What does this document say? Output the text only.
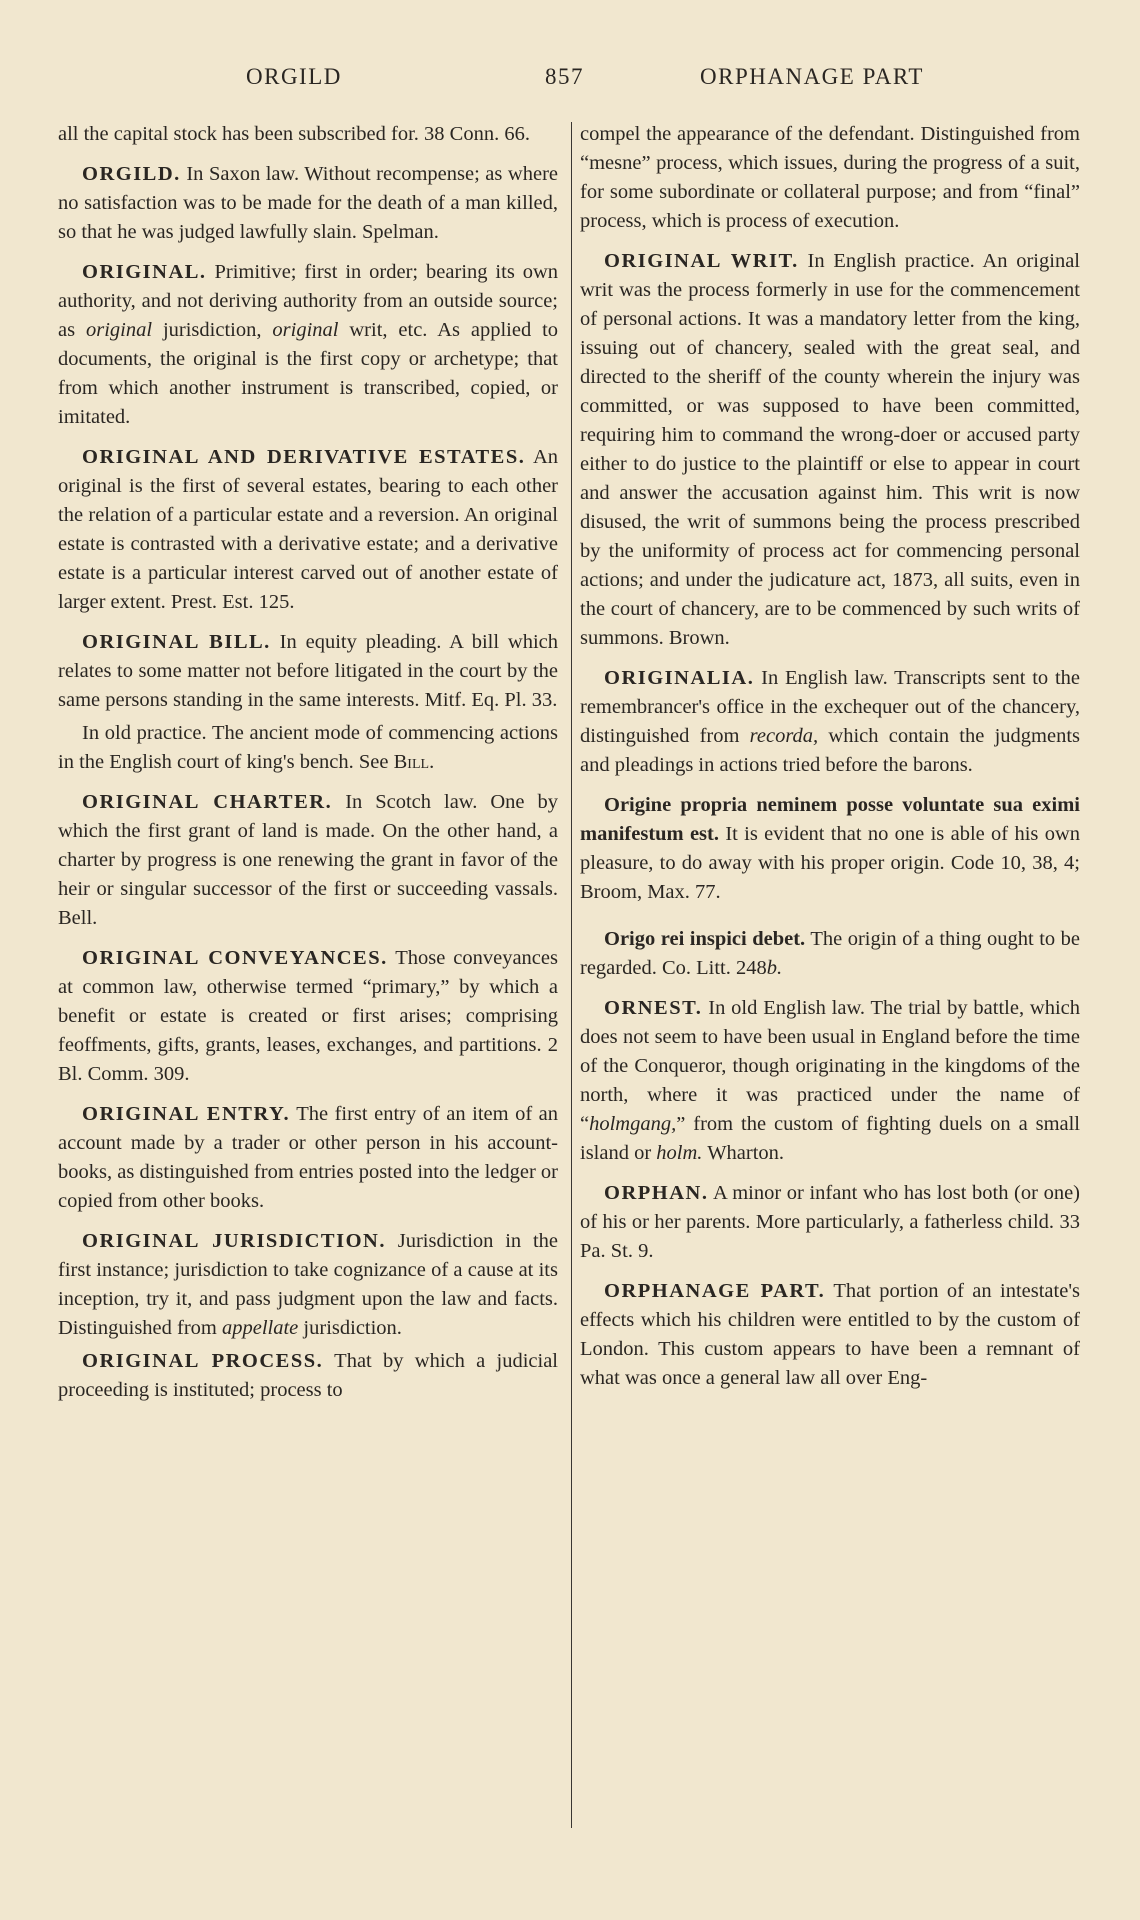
ORGILD	857	ORPHANAGE PART

all the capital stock has been subscribed for. 38 Conn. 66.

ORGILD. In Saxon law. Without recompense; as where no satisfaction was to be made for the death of a man killed, so that he was judged lawfully slain. Spelman.

ORIGINAL. Primitive; first in order; bearing its own authority, and not deriving authority from an outside source; as original jurisdiction, original writ, etc. As applied to documents, the original is the first copy or archetype; that from which another instrument is transcribed, copied, or imitated.

ORIGINAL AND DERIVATIVE ESTATES. An original is the first of several estates, bearing to each other the relation of a particular estate and a reversion. An original estate is contrasted with a derivative estate; and a derivative estate is a particular interest carved out of another estate of larger extent. Prest. Est. 125.

ORIGINAL BILL. In equity pleading. A bill which relates to some matter not before litigated in the court by the same persons standing in the same interests. Mitf. Eq. Pl. 33.

In old practice. The ancient mode of commencing actions in the English court of king's bench. See Bill.

ORIGINAL CHARTER. In Scotch law. One by which the first grant of land is made. On the other hand, a charter by progress is one renewing the grant in favor of the heir or singular successor of the first or succeeding vassals. Bell.

ORIGINAL CONVEYANCES. Those conveyances at common law, otherwise termed “primary,” by which a benefit or estate is created or first arises; comprising feoffments, gifts, grants, leases, exchanges, and partitions. 2 Bl. Comm. 309.

ORIGINAL ENTRY. The first entry of an item of an account made by a trader or other person in his account-books, as distinguished from entries posted into the ledger or copied from other books.

ORIGINAL JURISDICTION. Jurisdiction in the first instance; jurisdiction to take cognizance of a cause at its inception, try it, and pass judgment upon the law and facts. Distinguished from appellate jurisdiction.

ORIGINAL PROCESS. That by which a judicial proceeding is instituted; process to

compel the appearance of the defendant. Distinguished from “mesne” process, which issues, during the progress of a suit, for some subordinate or collateral purpose; and from “final” process, which is process of execution.

ORIGINAL WRIT. In English practice. An original writ was the process formerly in use for the commencement of personal actions. It was a mandatory letter from the king, issuing out of chancery, sealed with the great seal, and directed to the sheriff of the county wherein the injury was committed, or was supposed to have been committed, requiring him to command the wrong-doer or accused party either to do justice to the plaintiff or else to appear in court and answer the accusation against him. This writ is now disused, the writ of summons being the process prescribed by the uniformity of process act for commencing personal actions; and under the judicature act, 1873, all suits, even in the court of chancery, are to be commenced by such writs of summons. Brown.

ORIGINALIA. In English law. Transcripts sent to the remembrancer's office in the exchequer out of the chancery, distinguished from recorda, which contain the judgments and pleadings in actions tried before the barons.

Origine propria neminem posse voluntate sua eximi manifestum est. It is evident that no one is able of his own pleasure, to do away with his proper origin. Code 10, 38, 4; Broom, Max. 77.

Origo rei inspici debet. The origin of a thing ought to be regarded. Co. Litt. 248b.

ORNEST. In old English law. The trial by battle, which does not seem to have been usual in England before the time of the Conqueror, though originating in the kingdoms of the north, where it was practiced under the name of “holmgang,” from the custom of fighting duels on a small island or holm. Wharton.

ORPHAN. A minor or infant who has lost both (or one) of his or her parents. More particularly, a fatherless child. 33 Pa. St. 9.

ORPHANAGE PART. That portion of an intestate's effects which his children were entitled to by the custom of London. This custom appears to have been a remnant of what was once a general law all over Eng-
